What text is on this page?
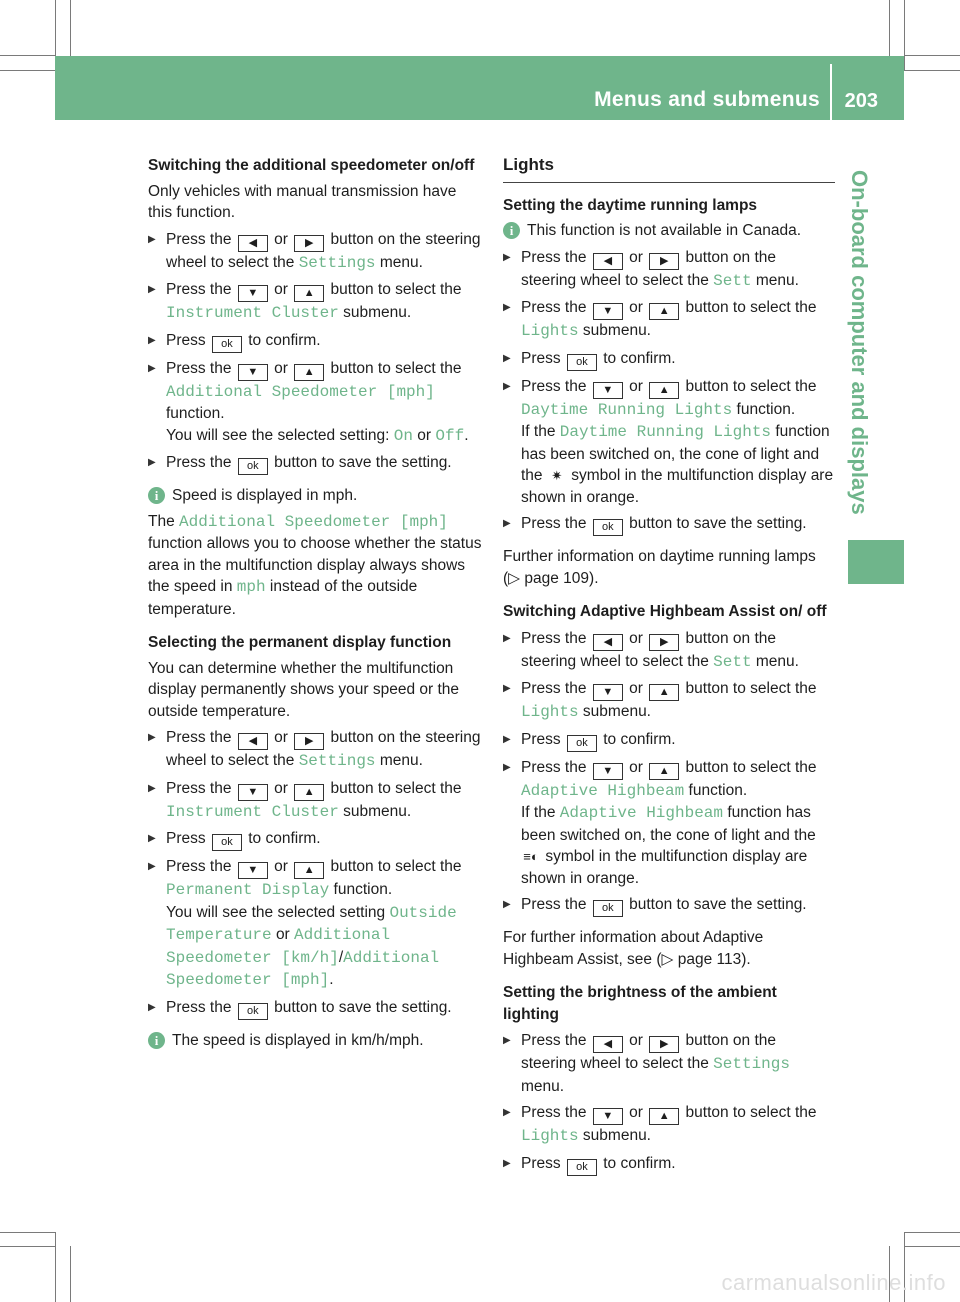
Menus and submenus 203
On-board computer and displays

Switching the additional speedometer on/off

Only vehicles with manual transmission have this function.

▶ Press the ◀ or ▶ button on the steering wheel to select the Settings menu.

▶ Press the ▼ or ▲ button to select the Instrument Cluster submenu.

▶ Press ok to confirm.

▶ Press the ▼ or ▲ button to select the Additional Speedometer [mph] function.
You will see the selected setting: On or Off.

▶ Press the ok button to save the setting.

i Speed is displayed in mph.

The Additional Speedometer [mph] function allows you to choose whether the status area in the multifunction display always shows the speed in mph instead of the outside temperature.

Selecting the permanent display function

You can determine whether the multifunction display permanently shows your speed or the outside temperature.

▶ Press the ◀ or ▶ button on the steering wheel to select the Settings menu.

▶ Press the ▼ or ▲ button to select the Instrument Cluster submenu.

▶ Press ok to confirm.

▶ Press the ▼ or ▲ button to select the Permanent Display function.
You will see the selected setting Outside Temperature or Additional Speedometer [km/h]/Additional Speedometer [mph].

▶ Press the ok button to save the setting.

i The speed is displayed in km/h/mph.

Lights

Setting the daytime running lamps

i This function is not available in Canada.

▶ Press the ◀ or ▶ button on the steering wheel to select the Sett menu.

▶ Press the ▼ or ▲ button to select the Lights submenu.

▶ Press ok to confirm.

▶ Press the ▼ or ▲ button to select the Daytime Running Lights function.
If the Daytime Running Lights function has been switched on, the cone of light and the ✷ symbol in the multifunction display are shown in orange.

▶ Press the ok button to save the setting.

Further information on daytime running lamps (▷ page 109).

Switching Adaptive Highbeam Assist on/ off

▶ Press the ◀ or ▶ button on the steering wheel to select the Sett menu.

▶ Press the ▼ or ▲ button to select the Lights submenu.

▶ Press ok to confirm.

▶ Press the ▼ or ▲ button to select the Adaptive Highbeam function.
If the Adaptive Highbeam function has been switched on, the cone of light and the ≡◐ symbol in the multifunction display are shown in orange.

▶ Press the ok button to save the setting.

For further information about Adaptive Highbeam Assist, see (▷ page 113).

Setting the brightness of the ambient lighting

▶ Press the ◀ or ▶ button on the steering wheel to select the Settings menu.

▶ Press the ▼ or ▲ button to select the Lights submenu.

▶ Press ok to confirm.

carmanualsonline.info
